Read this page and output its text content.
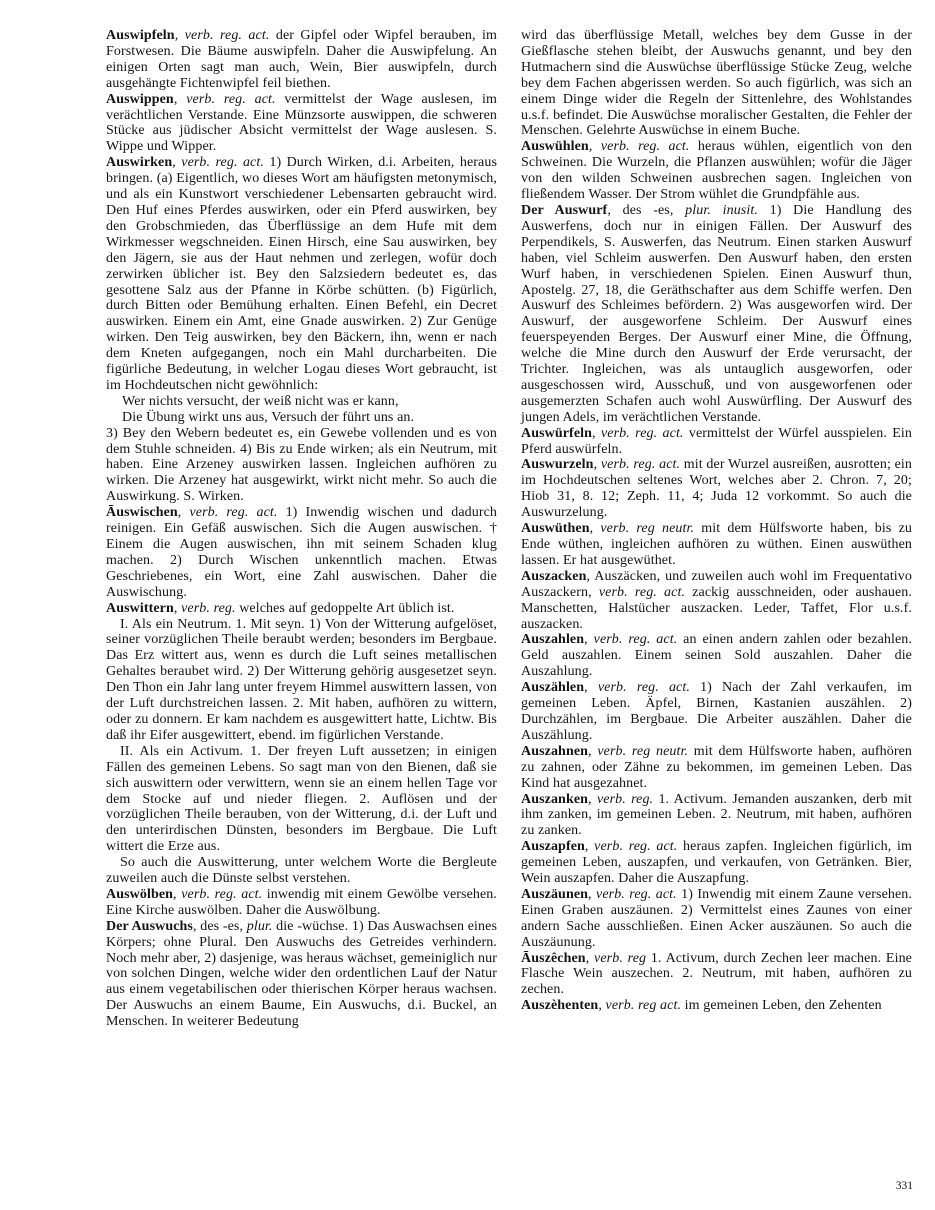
Auswipfeln, verb. reg. act. der Gipfel oder Wipfel berauben, im Forstwesen. Die Bäume auswipfeln. Daher die Auswipfelung. An einigen Orten sagt man auch, Wein, Bier auswipfeln, durch ausgehängte Fichtenwipfel feil biethen.

Auswippen, verb. reg. act. vermittelst der Wage auslesen, im verächtlichen Verstande. Eine Münzsorte auswippen, die schweren Stücke aus jüdischer Absicht vermittelst der Wage auslesen. S. Wippe und Wipper.

Auswirken, verb. reg. act. 1) Durch Wirken, d.i. Arbeiten, heraus bringen. (a) Eigentlich, wo dieses Wort am häufigsten metonymisch, und als ein Kunstwort verschiedener Lebensarten gebraucht wird. Den Huf eines Pferdes auswirken, oder ein Pferd auswirken, bey den Grobschmieden, das Überflüssige an dem Hufe mit dem Wirkmesser wegschneiden. Einen Hirsch, eine Sau auswirken, bey den Jägern, sie aus der Haut nehmen und zerlegen, wofür doch zerwirken üblicher ist. Bey den Salzsiedern bedeutet es, das gesottene Salz aus der Pfanne in Körbe schütten. (b) Figürlich, durch Bitten oder Bemühung erhalten. Einen Befehl, ein Decret auswirken. Einem ein Amt, eine Gnade auswirken. 2) Zur Genüge wirken. Den Teig auswirken, bey den Bäckern, ihn, wenn er nach dem Kneten aufgegangen, noch ein Mahl durcharbeiten. Die figürliche Bedeutung, in welcher Logau dieses Wort gebraucht, ist im Hochdeutschen nicht gewöhnlich:

Wer nichts versucht, der weiß nicht was er kann,

Die Übung wirkt uns aus, Versuch der führt uns an.

3) Bey den Webern bedeutet es, ein Gewebe vollenden und es von dem Stuhle schneiden. 4) Bis zu Ende wirken; als ein Neutrum, mit haben. Eine Arzeney auswirken lassen. Ingleichen aufhören zu wirken. Die Arzeney hat ausgewirkt, wirkt nicht mehr. So auch die Auswirkung. S. Wirken.

Āuswischen, verb. reg. act. 1) Inwendig wischen und dadurch reinigen. Ein Gefäß auswischen. Sich die Augen auswischen. † Einem die Augen auswischen, ihn mit seinem Schaden klug machen. 2) Durch Wischen unkenntlich machen. Etwas Geschriebenes, ein Wort, eine Zahl auswischen. Daher die Auswischung.

Auswittern, verb. reg. welches auf gedoppelte Art üblich ist.

I. Als ein Neutrum. 1. Mit seyn. 1) Von der Witterung aufgelöset, seiner vorzüglichen Theile beraubt werden; besonders im Bergbaue. Das Erz wittert aus, wenn es durch die Luft seines metallischen Gehaltes beraubet wird. 2) Der Witterung gehörig ausgesetzet seyn. Den Thon ein Jahr lang unter freyem Himmel auswittern lassen, von der Luft durchstreichen lassen. 2. Mit haben, aufhören zu wittern, oder zu donnern. Er kam nachdem es ausgewittert hatte, Lichtw. Bis daß ihr Eifer ausgewittert, ebend. im figürlichen Verstande.

II. Als ein Activum. 1. Der freyen Luft aussetzen; in einigen Fällen des gemeinen Lebens. So sagt man von den Bienen, daß sie sich auswittern oder verwittern, wenn sie an einem hellen Tage vor dem Stocke auf und nieder fliegen. 2. Auflösen und der vorzüglichen Theile berauben, von der Witterung, d.i. der Luft und den unterirdischen Dünsten, besonders im Bergbaue. Die Luft wittert die Erze aus.

So auch die Auswitterung, unter welchem Worte die Bergleute zuweilen auch die Dünste selbst verstehen.

Auswölben, verb. reg. act. inwendig mit einem Gewölbe versehen. Eine Kirche auswölben. Daher die Auswölbung.

Der Auswuchs, des -es, plur. die -wüchse. 1) Das Auswachsen eines Körpers; ohne Plural. Den Auswuchs des Getreides verhindern. Noch mehr aber, 2) dasjenige, was heraus wächset, gemeiniglich nur von solchen Dingen, welche wider den ordentlichen Lauf der Natur aus einem vegetabilischen oder thierischen Körper heraus wachsen. Der Auswuchs an einem Baume, Ein Auswuchs, d.i. Buckel, an Menschen. In weiterer Bedeutung

wird das überflüssige Metall, welches bey dem Gusse in der Gießflasche stehen bleibt, der Auswuchs genannt, und bey den Hutmachern sind die Auswüchse überflüssige Stücke Zeug, welche bey dem Fachen abgerissen werden. So auch figürlich, was sich an einem Dinge wider die Regeln der Sittenlehre, des Wohlstandes u.s.f. befindet. Die Auswüchse moralischer Gestalten, die Fehler der Menschen. Gelehrte Auswüchse in einem Buche.

Auswühlen, verb. reg. act. heraus wühlen, eigentlich von den Schweinen. Die Wurzeln, die Pflanzen auswühlen; wofür die Jäger von den wilden Schweinen ausbrechen sagen. Ingleichen von fließendem Wasser. Der Strom wühlet die Grundpfähle aus.

Der Auswurf, des -es, plur. inusit. 1) Die Handlung des Auswerfens, doch nur in einigen Fällen. Der Auswurf des Perpendikels, S. Auswerfen, das Neutrum. Einen starken Auswurf haben, viel Schleim auswerfen. Den Auswurf haben, den ersten Wurf haben, in verschiedenen Spielen. Einen Auswurf thun, Apostelg. 27, 18, die Geräthschafter aus dem Schiffe werfen. Den Auswurf des Schleimes befördern. 2) Was ausgeworfen wird. Der Auswurf, der ausgeworfene Schleim. Der Auswurf eines feuerspeyenden Berges. Der Auswurf einer Mine, die Öffnung, welche die Mine durch den Auswurf der Erde verursacht, der Trichter. Ingleichen, was als untauglich ausgeworfen, oder ausgeschossen wird, Ausschuß, und von ausgeworfenen oder ausgemerzten Schafen auch wohl Auswürfling. Der Auswurf des jungen Adels, im verächtlichen Verstande.

Auswürfeln, verb. reg. act. vermittelst der Würfel ausspielen. Ein Pferd auswürfeln.

Auswurzeln, verb. reg. act. mit der Wurzel ausreißen, ausrotten; ein im Hochdeutschen seltenes Wort, welches aber 2. Chron. 7, 20; Hiob 31, 8. 12; Zeph. 11, 4; Juda 12 vorkommt. So auch die Auswurzelung.

Auswüthen, verb. reg neutr. mit dem Hülfsworte haben, bis zu Ende wüthen, ingleichen aufhören zu wüthen. Einen auswüthen lassen. Er hat ausgewüthet.

Auszacken, Auszäcken, und zuweilen auch wohl im Frequentativo Auszackern, verb. reg. act. zackig ausschneiden, oder aushauen. Manschetten, Halstücher auszacken. Leder, Taffet, Flor u.s.f. auszacken.

Auszahlen, verb. reg. act. an einen andern zahlen oder bezahlen. Geld auszahlen. Einem seinen Sold auszahlen. Daher die Auszahlung.

Auszählen, verb. reg. act. 1) Nach der Zahl verkaufen, im gemeinen Leben. Äpfel, Birnen, Kastanien auszählen. 2) Durchzählen, im Bergbaue. Die Arbeiter auszählen. Daher die Auszählung.

Auszahnen, verb. reg neutr. mit dem Hülfsworte haben, aufhören zu zahnen, oder Zähne zu bekommen, im gemeinen Leben. Das Kind hat ausgezahnet.

Auszanken, verb. reg. 1. Activum. Jemanden auszanken, derb mit ihm zanken, im gemeinen Leben. 2. Neutrum, mit haben, aufhören zu zanken.

Auszapfen, verb. reg. act. heraus zapfen. Ingleichen figürlich, im gemeinen Leben, auszapfen, und verkaufen, von Getränken. Bier, Wein auszapfen. Daher die Auszapfung.

Auszäunen, verb. reg. act. 1) Inwendig mit einem Zaune versehen. Einen Graben auszäunen. 2) Vermittelst eines Zaunes von einer andern Sache ausschließen. Einen Acker auszäunen. So auch die Auszäunung.

Āuszêchen, verb. reg 1. Activum, durch Zechen leer machen. Eine Flasche Wein auszechen. 2. Neutrum, mit haben, aufhören zu zechen.

Auszèhenten, verb. reg act. im gemeinen Leben, den Zehenten

331
